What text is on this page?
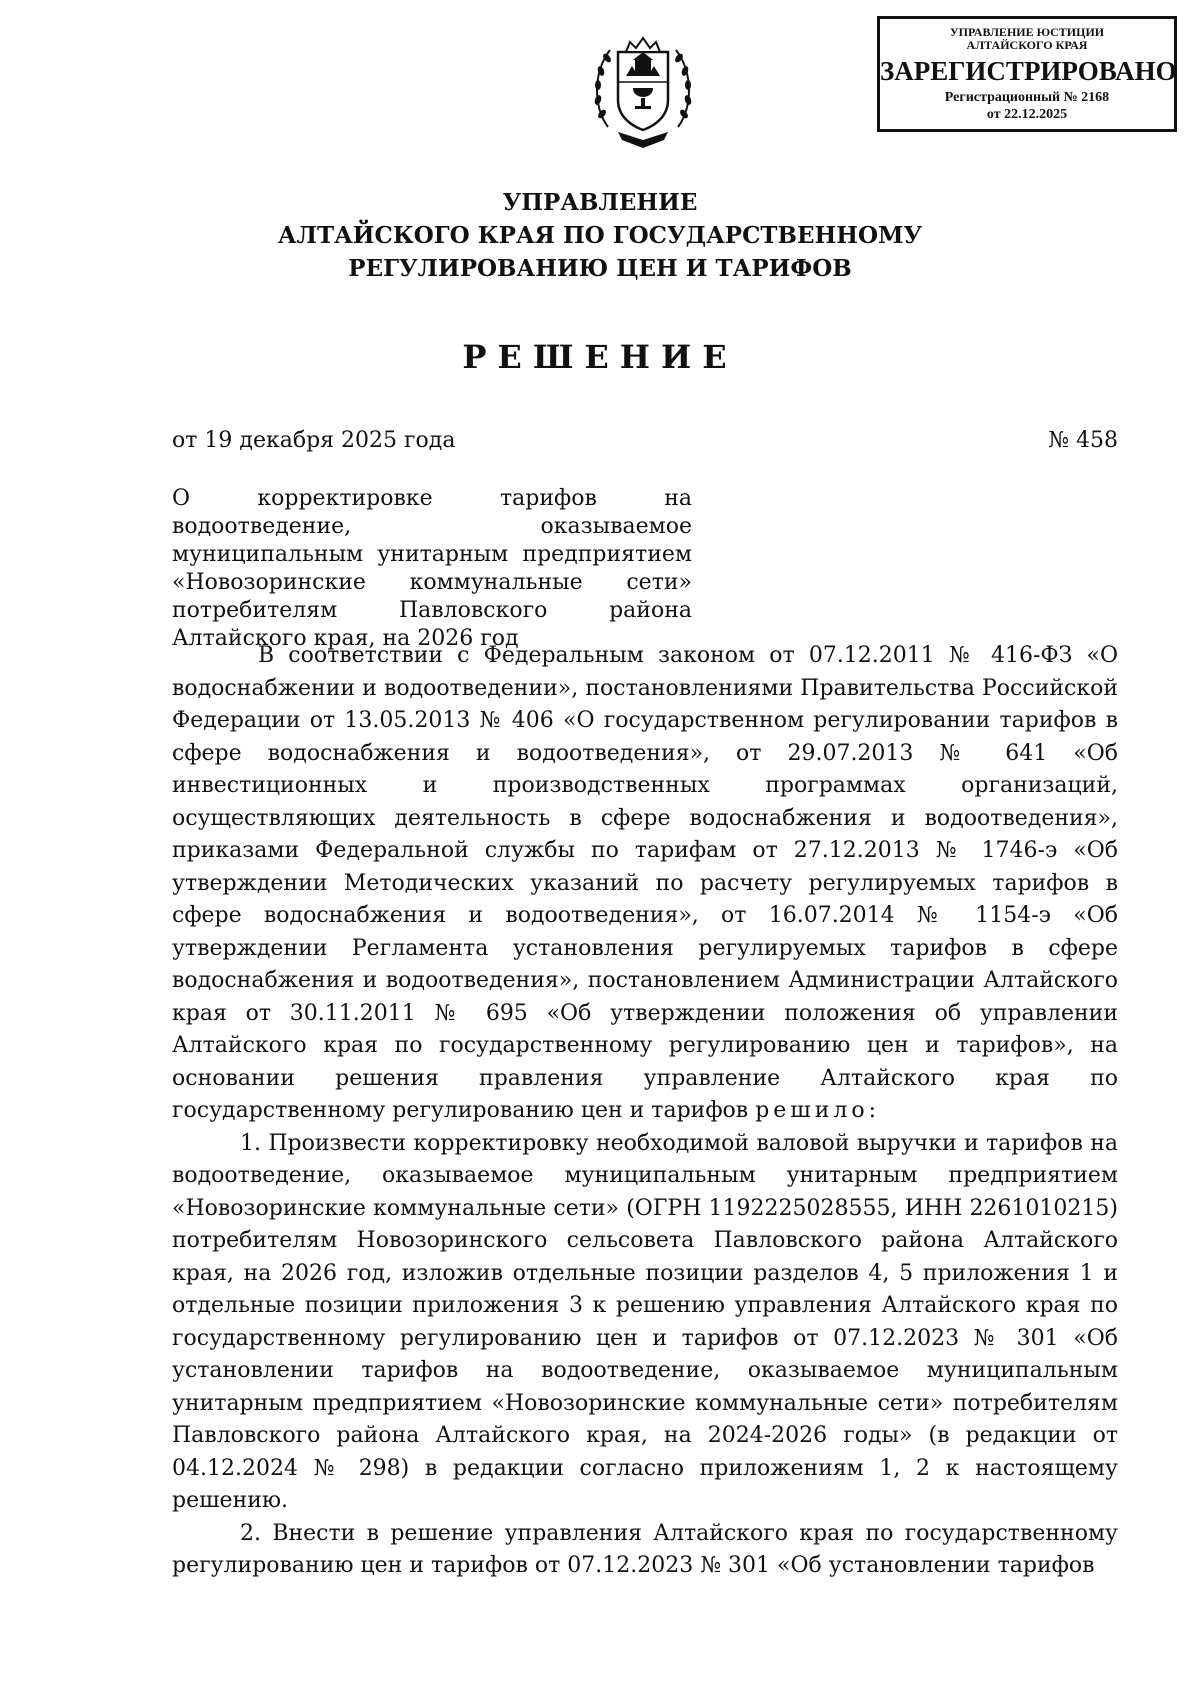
УПРАВЛЕНИЕ ЮСТИЦИИ
АЛТАЙСКОГО КРАЯ
ЗАРЕГИСТРИРОВАНО
Регистрационный № 2168
от 22.12.2025
УПРАВЛЕНИЕ
АЛТАЙСКОГО КРАЯ ПО ГОСУДАРСТВЕННОМУ
РЕГУЛИРОВАНИЮ ЦЕН И ТАРИФОВ
РЕШЕНИЕ
от 19 декабря 2025 года	№ 458
О корректировке тарифов на водоотведение, оказываемое муниципальным унитарным предприятием «Новозоринские коммунальные сети» потребителям Павловского района Алтайского края, на 2026 год

В соответствии с Федеральным законом от 07.12.2011 № 416-ФЗ «О водоснабжении и водоотведении», постановлениями Правительства Российской Федерации от 13.05.2013 № 406 «О государственном регулировании тарифов в сфере водоснабжения и водоотведения», от 29.07.2013 № 641 «Об инвестиционных и производственных программах организаций, осуществляющих деятельность в сфере водоснабжения и водоотведения», приказами Федеральной службы по тарифам от 27.12.2013 № 1746-э «Об утверждении Методических указаний по расчету регулируемых тарифов в сфере водоснабжения и водоотведения», от 16.07.2014 № 1154-э «Об утверждении Регламента установления регулируемых тарифов в сфере водоснабжения и водоотведения», постановлением Администрации Алтайского края от 30.11.2011 № 695 «Об утверждении положения об управлении Алтайского края по государственному регулированию цен и тарифов», на основании решения правления управление Алтайского края по государственному регулированию цен и тарифов решило:

1. Произвести корректировку необходимой валовой выручки и тарифов на водоотведение, оказываемое муниципальным унитарным предприятием «Новозоринские коммунальные сети» (ОГРН 1192225028555, ИНН 2261010215) потребителям Новозоринского сельсовета Павловского района Алтайского края, на 2026 год, изложив отдельные позиции разделов 4, 5 приложения 1 и отдельные позиции приложения 3 к решению управления Алтайского края по государственному регулированию цен и тарифов от 07.12.2023 № 301 «Об установлении тарифов на водоотведение, оказываемое муниципальным унитарным предприятием «Новозоринские коммунальные сети» потребителям Павловского района Алтайского края, на 2024-2026 годы» (в редакции от 04.12.2024 № 298) в редакции согласно приложениям 1, 2 к настоящему решению.

2. Внести в решение управления Алтайского края по государственному регулированию цен и тарифов от 07.12.2023 № 301 «Об установлении тарифов
